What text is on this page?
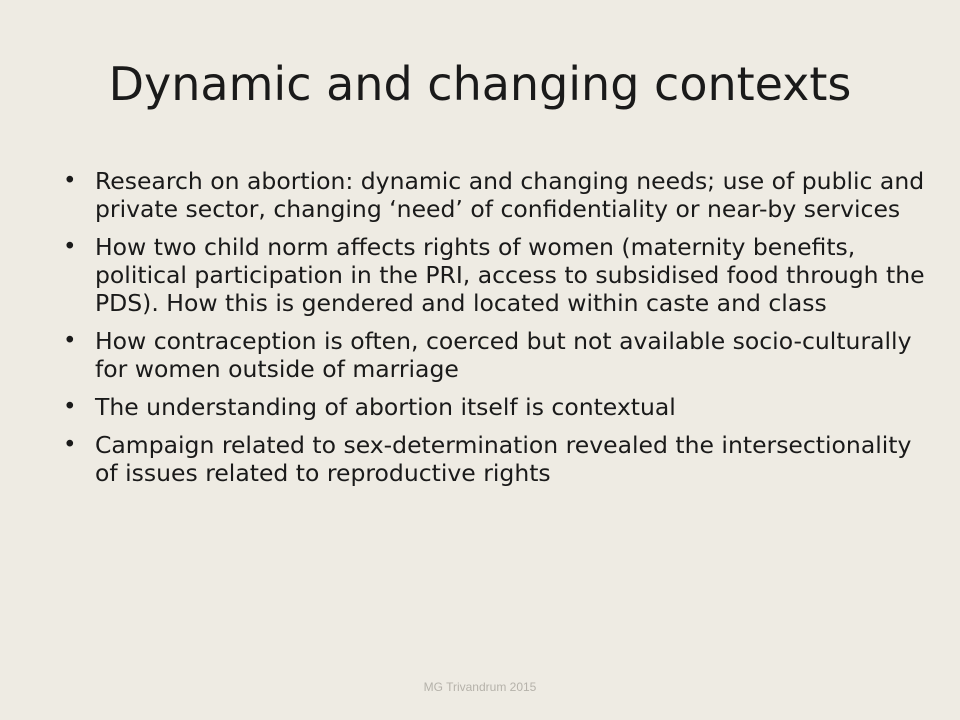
Dynamic and changing contexts
• Research on abortion: dynamic and changing needs; use of public and private sector, changing ‘need’ of confidentiality or near-by services
• How two child norm affects rights of women (maternity benefits, political participation in the PRI, access to subsidised food through the PDS). How this is gendered and located within caste and class
• How contraception is often, coerced but not available socio-culturally for women outside of marriage
• The understanding of abortion itself is contextual
• Campaign related to sex-determination revealed the intersectionality of issues related to reproductive rights
MG Trivandrum 2015
